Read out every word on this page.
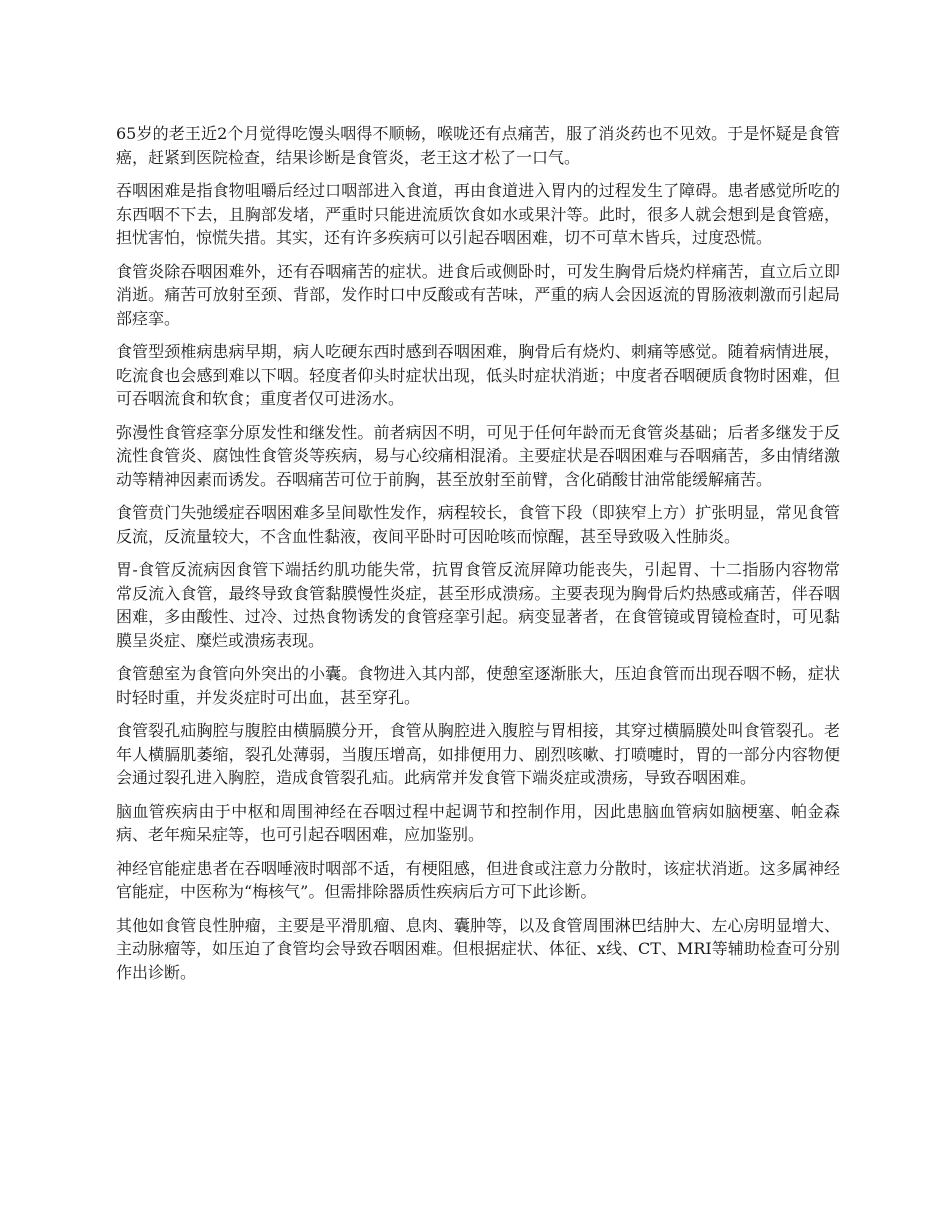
65岁的老王近2个月觉得吃馒头咽得不顺畅，喉咙还有点痛苦，服了消炎药也不见效。于是怀疑是食管癌，赶紧到医院检查，结果诊断是食管炎，老王这才松了一口气。

吞咽困难是指食物咀嚼后经过口咽部进入食道，再由食道进入胃内的过程发生了障碍。患者感觉所吃的东西咽不下去，且胸部发堵，严重时只能进流质饮食如水或果汁等。此时，很多人就会想到是食管癌，担忧害怕，惊慌失措。其实，还有许多疾病可以引起吞咽困难，切不可草木皆兵，过度恐慌。

食管炎除吞咽困难外，还有吞咽痛苦的症状。进食后或侧卧时，可发生胸骨后烧灼样痛苦，直立后立即消逝。痛苦可放射至颈、背部，发作时口中反酸或有苦味，严重的病人会因返流的胃肠液刺激而引起局部痉挛。

食管型颈椎病患病早期，病人吃硬东西时感到吞咽困难，胸骨后有烧灼、刺痛等感觉。随着病情进展，吃流食也会感到难以下咽。轻度者仰头时症状出现，低头时症状消逝；中度者吞咽硬质食物时困难，但可吞咽流食和软食；重度者仅可进汤水。

弥漫性食管痉挛分原发性和继发性。前者病因不明，可见于任何年龄而无食管炎基础；后者多继发于反流性食管炎、腐蚀性食管炎等疾病，易与心绞痛相混淆。主要症状是吞咽困难与吞咽痛苦，多由情绪激动等精神因素而诱发。吞咽痛苦可位于前胸，甚至放射至前臂，含化硝酸甘油常能缓解痛苦。

食管贲门失弛缓症吞咽困难多呈间歇性发作，病程较长，食管下段（即狭窄上方）扩张明显，常见食管反流，反流量较大，不含血性黏液，夜间平卧时可因呛咳而惊醒，甚至导致吸入性肺炎。

胃-食管反流病因食管下端括约肌功能失常，抗胃食管反流屏障功能丧失，引起胃、十二指肠内容物常常反流入食管，最终导致食管黏膜慢性炎症，甚至形成溃疡。主要表现为胸骨后灼热感或痛苦，伴吞咽困难，多由酸性、过冷、过热食物诱发的食管痉挛引起。病变显著者，在食管镜或胃镜检查时，可见黏膜呈炎症、糜烂或溃疡表现。

食管憩室为食管向外突出的小囊。食物进入其内部，使憩室逐渐胀大，压迫食管而出现吞咽不畅，症状时轻时重，并发炎症时可出血，甚至穿孔。

食管裂孔疝胸腔与腹腔由横膈膜分开，食管从胸腔进入腹腔与胃相接，其穿过横膈膜处叫食管裂孔。老年人横膈肌萎缩，裂孔处薄弱，当腹压增高，如排便用力、剧烈咳嗽、打喷嚏时，胃的一部分内容物便会通过裂孔进入胸腔，造成食管裂孔疝。此病常并发食管下端炎症或溃疡，导致吞咽困难。

脑血管疾病由于中枢和周围神经在吞咽过程中起调节和控制作用，因此患脑血管病如脑梗塞、帕金森病、老年痴呆症等，也可引起吞咽困难，应加鉴别。

神经官能症患者在吞咽唾液时咽部不适，有梗阻感，但进食或注意力分散时，该症状消逝。这多属神经官能症，中医称为“梅核气”。但需排除器质性疾病后方可下此诊断。

其他如食管良性肿瘤，主要是平滑肌瘤、息肉、囊肿等，以及食管周围淋巴结肿大、左心房明显增大、主动脉瘤等，如压迫了食管均会导致吞咽困难。但根据症状、体征、x线、CT、MRI等辅助检查可分别作出诊断。
